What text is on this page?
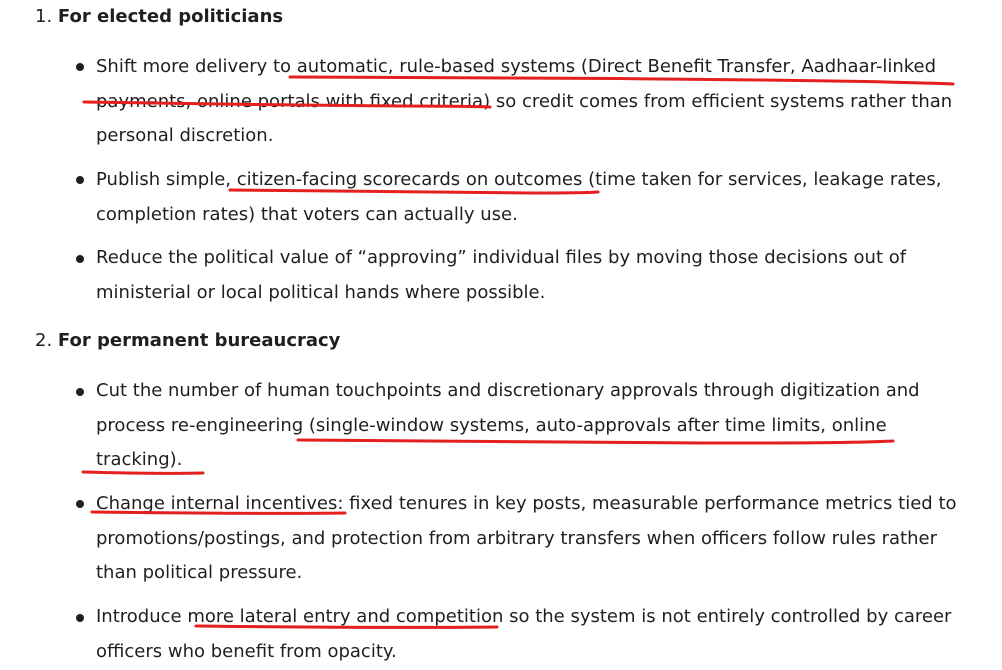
1. For elected politicians
Shift more delivery to automatic, rule-based systems (Direct Benefit Transfer, Aadhaar-linked payments, online portals with fixed criteria) so credit comes from efficient systems rather than personal discretion.
Publish simple, citizen-facing scorecards on outcomes (time taken for services, leakage rates, completion rates) that voters can actually use.
Reduce the political value of “approving” individual files by moving those decisions out of ministerial or local political hands where possible.
2. For permanent bureaucracy
Cut the number of human touchpoints and discretionary approvals through digitization and process re-engineering (single-window systems, auto-approvals after time limits, online tracking).
Change internal incentives: fixed tenures in key posts, measurable performance metrics tied to promotions/postings, and protection from arbitrary transfers when officers follow rules rather than political pressure.
Introduce more lateral entry and competition so the system is not entirely controlled by career officers who benefit from opacity.
